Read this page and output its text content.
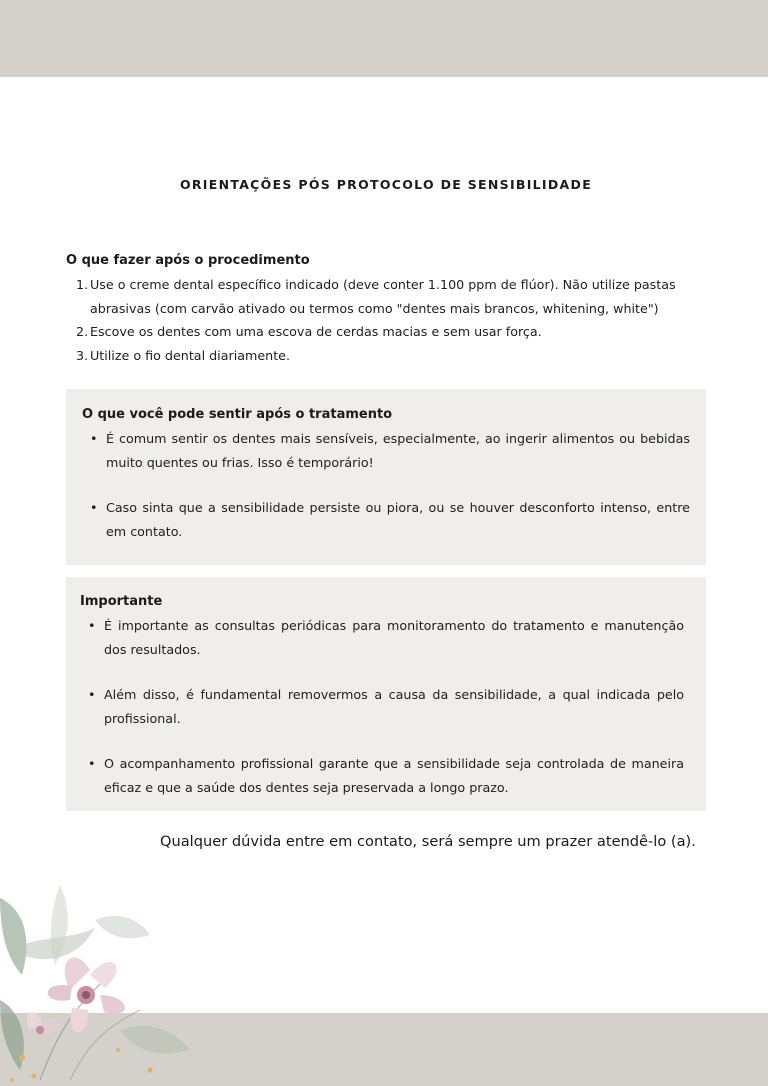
ORIENTAÇÕES PÓS PROTOCOLO DE SENSIBILIDADE
O que fazer após o procedimento
1. Use o creme dental específico indicado (deve conter 1.100 ppm de flúor). Não utilize pastas abrasivas (com carvão ativado ou termos como "dentes mais brancos, whitening, white")
2. Escove os dentes com uma escova de cerdas macias e sem usar força.
3. Utilize o fio dental diariamente.
O que você pode sentir após o tratamento
• É comum sentir os dentes mais sensíveis, especialmente, ao ingerir alimentos ou bebidas muito quentes ou frias. Isso é temporário!
• Caso sinta que a sensibilidade persiste ou piora, ou se houver desconforto intenso, entre em contato.
Importante
• É importante as consultas periódicas para monitoramento do tratamento e manutenção dos resultados.
• Além disso, é fundamental removermos a causa da sensibilidade, a qual indicada pelo profissional.
• O acompanhamento profissional garante que a sensibilidade seja controlada de maneira eficaz e que a saúde dos dentes seja preservada a longo prazo.
Qualquer dúvida entre em contato, será sempre um prazer atendê-lo (a).
